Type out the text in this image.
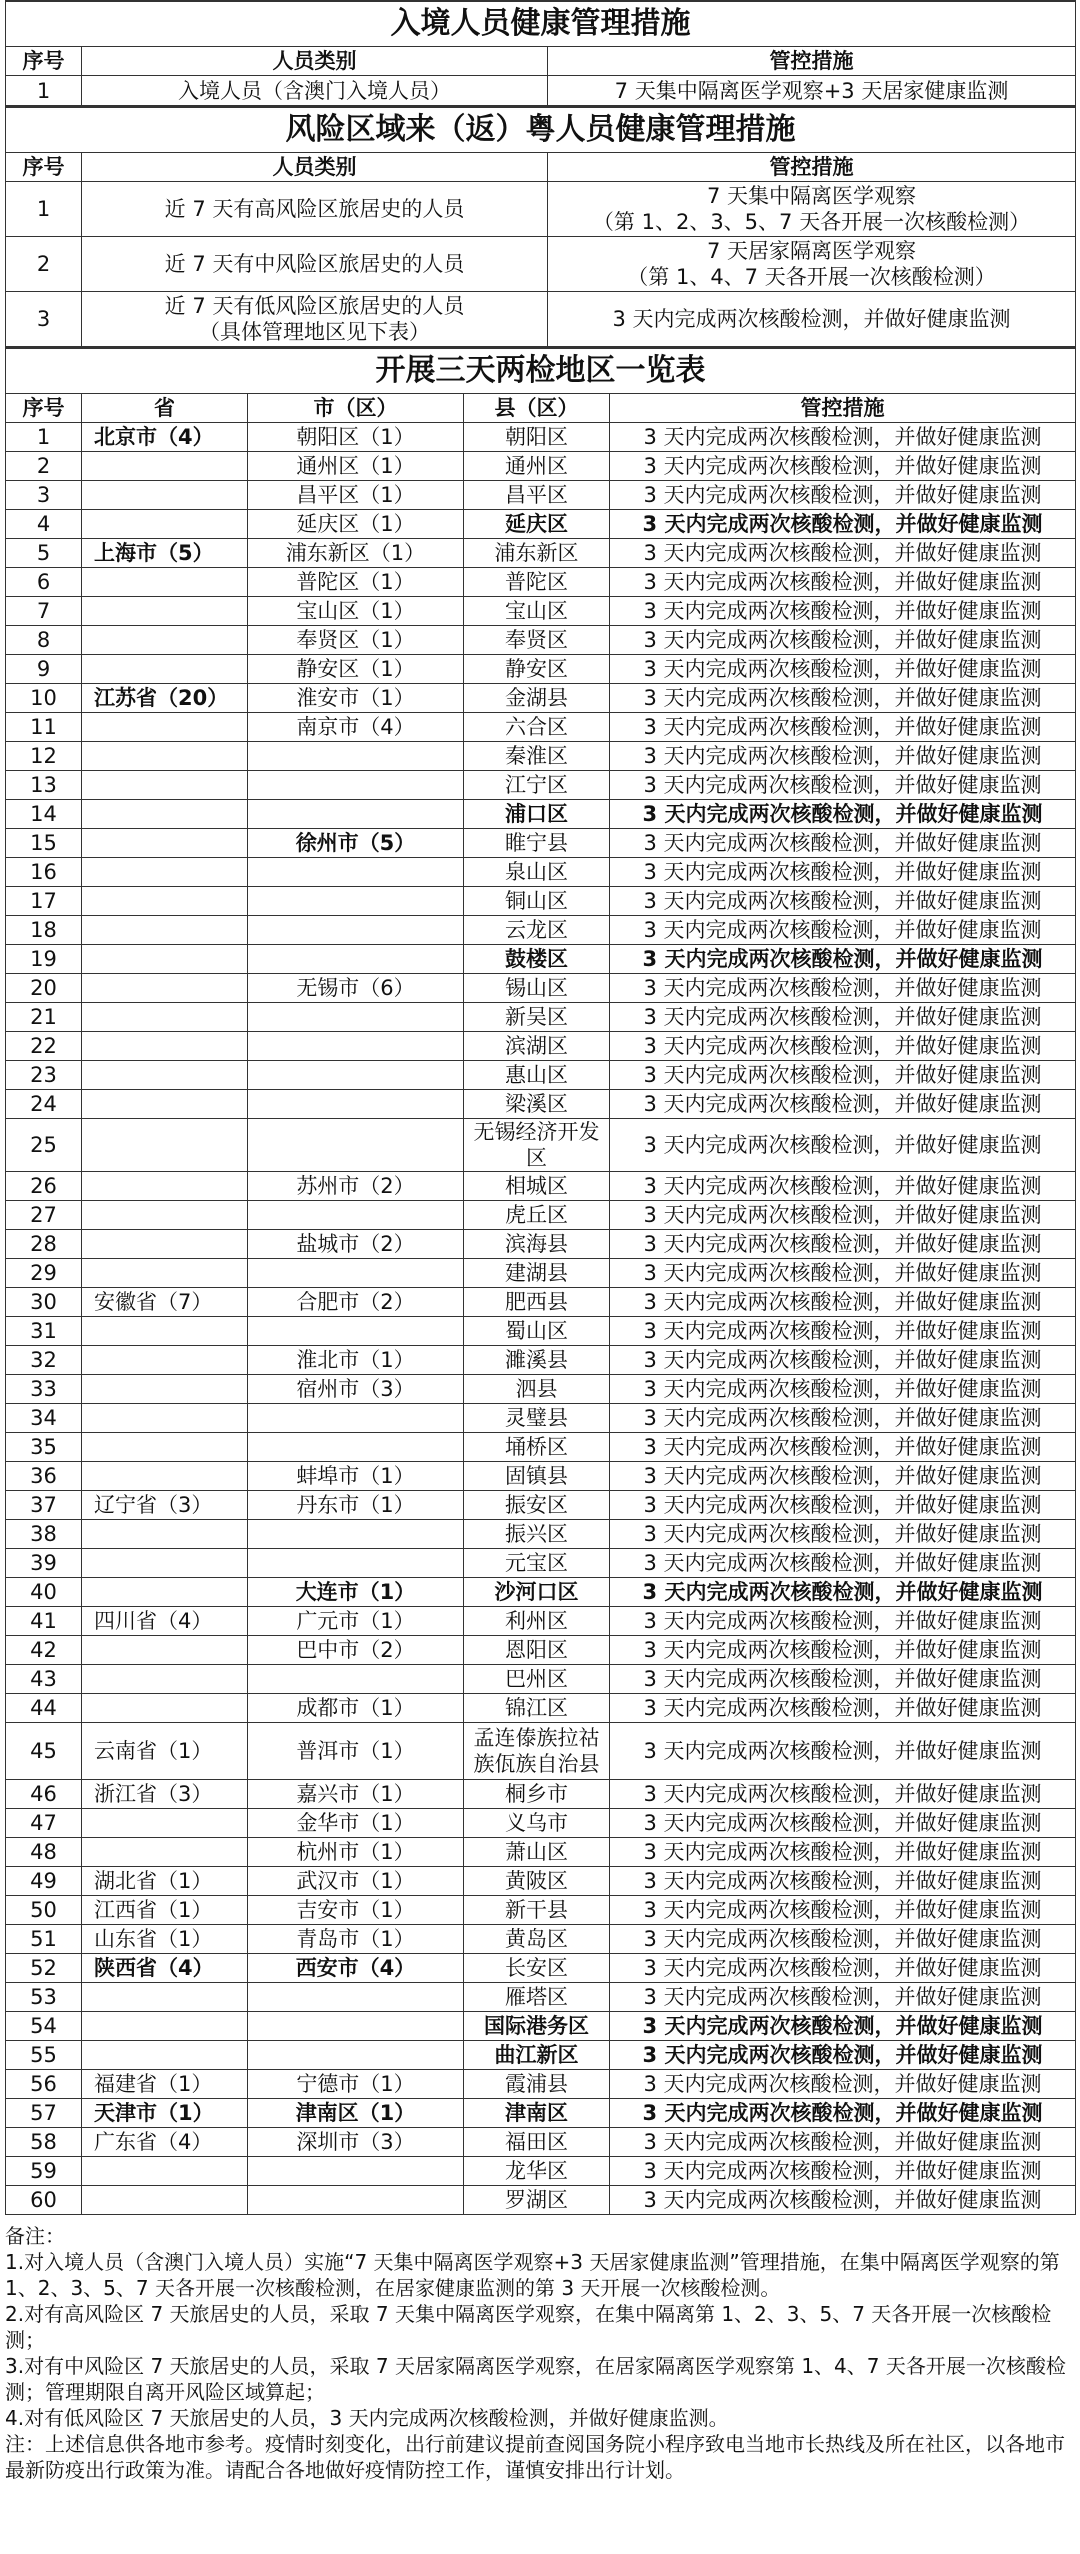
入境人员健康管理措施		
序号	人员类别	管控措施
1	入境人员（含澳门入境人员）	7 天集中隔离医学观察+3 天居家健康监测
风险区域来（返）粤人员健康管理措施		
序号	人员类别	管控措施
1	近 7 天有高风险区旅居史的人员	7 天集中隔离医学观察
（第 1、2、3、5、7 天各开展一次核酸检测）
2	近 7 天有中风险区旅居史的人员	7 天居家隔离医学观察
（第 1、4、7 天各开展一次核酸检测）
3	近 7 天有低风险区旅居史的人员
（具体管理地区见下表）	3 天内完成两次核酸检测，并做好健康监测
开展三天两检地区一览表				
序号	省	市（区）	县（区）	管控措施
1	北京市（4）	朝阳区（1）	朝阳区	3 天内完成两次核酸检测，并做好健康监测
2		通州区（1）	通州区	3 天内完成两次核酸检测，并做好健康监测
3		昌平区（1）	昌平区	3 天内完成两次核酸检测，并做好健康监测
4		延庆区（1）	延庆区	3 天内完成两次核酸检测，并做好健康监测
5	上海市（5）	浦东新区（1）	浦东新区	3 天内完成两次核酸检测，并做好健康监测
6		普陀区（1）	普陀区	3 天内完成两次核酸检测，并做好健康监测
7		宝山区（1）	宝山区	3 天内完成两次核酸检测，并做好健康监测
8		奉贤区（1）	奉贤区	3 天内完成两次核酸检测，并做好健康监测
9		静安区（1）	静安区	3 天内完成两次核酸检测，并做好健康监测
10	江苏省（20）	淮安市（1）	金湖县	3 天内完成两次核酸检测，并做好健康监测
11		南京市（4）	六合区	3 天内完成两次核酸检测，并做好健康监测
12			秦淮区	3 天内完成两次核酸检测，并做好健康监测
13			江宁区	3 天内完成两次核酸检测，并做好健康监测
14			浦口区	3 天内完成两次核酸检测，并做好健康监测
15		徐州市（5）	睢宁县	3 天内完成两次核酸检测，并做好健康监测
16			泉山区	3 天内完成两次核酸检测，并做好健康监测
17			铜山区	3 天内完成两次核酸检测，并做好健康监测
18			云龙区	3 天内完成两次核酸检测，并做好健康监测
19			鼓楼区	3 天内完成两次核酸检测，并做好健康监测
20		无锡市（6）	锡山区	3 天内完成两次核酸检测，并做好健康监测
21			新吴区	3 天内完成两次核酸检测，并做好健康监测
22			滨湖区	3 天内完成两次核酸检测，并做好健康监测
23			惠山区	3 天内完成两次核酸检测，并做好健康监测
24			梁溪区	3 天内完成两次核酸检测，并做好健康监测
25			无锡经济开发区	3 天内完成两次核酸检测，并做好健康监测
26		苏州市（2）	相城区	3 天内完成两次核酸检测，并做好健康监测
27			虎丘区	3 天内完成两次核酸检测，并做好健康监测
28		盐城市（2）	滨海县	3 天内完成两次核酸检测，并做好健康监测
29			建湖县	3 天内完成两次核酸检测，并做好健康监测
30	安徽省（7）	合肥市（2）	肥西县	3 天内完成两次核酸检测，并做好健康监测
31			蜀山区	3 天内完成两次核酸检测，并做好健康监测
32		淮北市（1）	濉溪县	3 天内完成两次核酸检测，并做好健康监测
33		宿州市（3）	泗县	3 天内完成两次核酸检测，并做好健康监测
34			灵璧县	3 天内完成两次核酸检测，并做好健康监测
35			埇桥区	3 天内完成两次核酸检测，并做好健康监测
36		蚌埠市（1）	固镇县	3 天内完成两次核酸检测，并做好健康监测
37	辽宁省（3）	丹东市（1）	振安区	3 天内完成两次核酸检测，并做好健康监测
38			振兴区	3 天内完成两次核酸检测，并做好健康监测
39			元宝区	3 天内完成两次核酸检测，并做好健康监测
40		大连市（1）	沙河口区	3 天内完成两次核酸检测，并做好健康监测
41	四川省（4）	广元市（1）	利州区	3 天内完成两次核酸检测，并做好健康监测
42		巴中市（2）	恩阳区	3 天内完成两次核酸检测，并做好健康监测
43			巴州区	3 天内完成两次核酸检测，并做好健康监测
44		成都市（1）	锦江区	3 天内完成两次核酸检测，并做好健康监测
45	云南省（1）	普洱市（1）	孟连傣族拉祜
族佤族自治县	3 天内完成两次核酸检测，并做好健康监测
46	浙江省（3）	嘉兴市（1）	桐乡市	3 天内完成两次核酸检测，并做好健康监测
47		金华市（1）	义乌市	3 天内完成两次核酸检测，并做好健康监测
48		杭州市（1）	萧山区	3 天内完成两次核酸检测，并做好健康监测
49	湖北省（1）	武汉市（1）	黄陂区	3 天内完成两次核酸检测，并做好健康监测
50	江西省（1）	吉安市（1）	新干县	3 天内完成两次核酸检测，并做好健康监测
51	山东省（1）	青岛市（1）	黄岛区	3 天内完成两次核酸检测，并做好健康监测
52	陕西省（4）	西安市（4）	长安区	3 天内完成两次核酸检测，并做好健康监测
53			雁塔区	3 天内完成两次核酸检测，并做好健康监测
54			国际港务区	3 天内完成两次核酸检测，并做好健康监测
55			曲江新区	3 天内完成两次核酸检测，并做好健康监测
56	福建省（1）	宁德市（1）	霞浦县	3 天内完成两次核酸检测，并做好健康监测
57	天津市（1）	津南区（1）	津南区	3 天内完成两次核酸检测，并做好健康监测
58	广东省（4）	深圳市（3）	福田区	3 天内完成两次核酸检测，并做好健康监测
59			龙华区	3 天内完成两次核酸检测，并做好健康监测
60			罗湖区	3 天内完成两次核酸检测，并做好健康监测

备注：

1.对入境人员（含澳门入境人员）实施“7 天集中隔离医学观察+3 天居家健康监测”管理措施，在集中隔离医学观察的第 1、2、3、5、7 天各开展一次核酸检测，在居家健康监测的第 3 天开展一次核酸检测。

2.对有高风险区 7 天旅居史的人员，采取 7 天集中隔离医学观察，在集中隔离第 1、2、3、5、7 天各开展一次核酸检测；

3.对有中风险区 7 天旅居史的人员，采取 7 天居家隔离医学观察，在居家隔离医学观察第 1、4、7 天各开展一次核酸检测；管理期限自离开风险区域算起；

4.对有低风险区 7 天旅居史的人员，3 天内完成两次核酸检测，并做好健康监测。

注：上述信息供各地市参考。疫情时刻变化，出行前建议提前查阅国务院小程序致电当地市长热线及所在社区，以各地市最新防疫出行政策为准。请配合各地做好疫情防控工作，谨慎安排出行计划。
